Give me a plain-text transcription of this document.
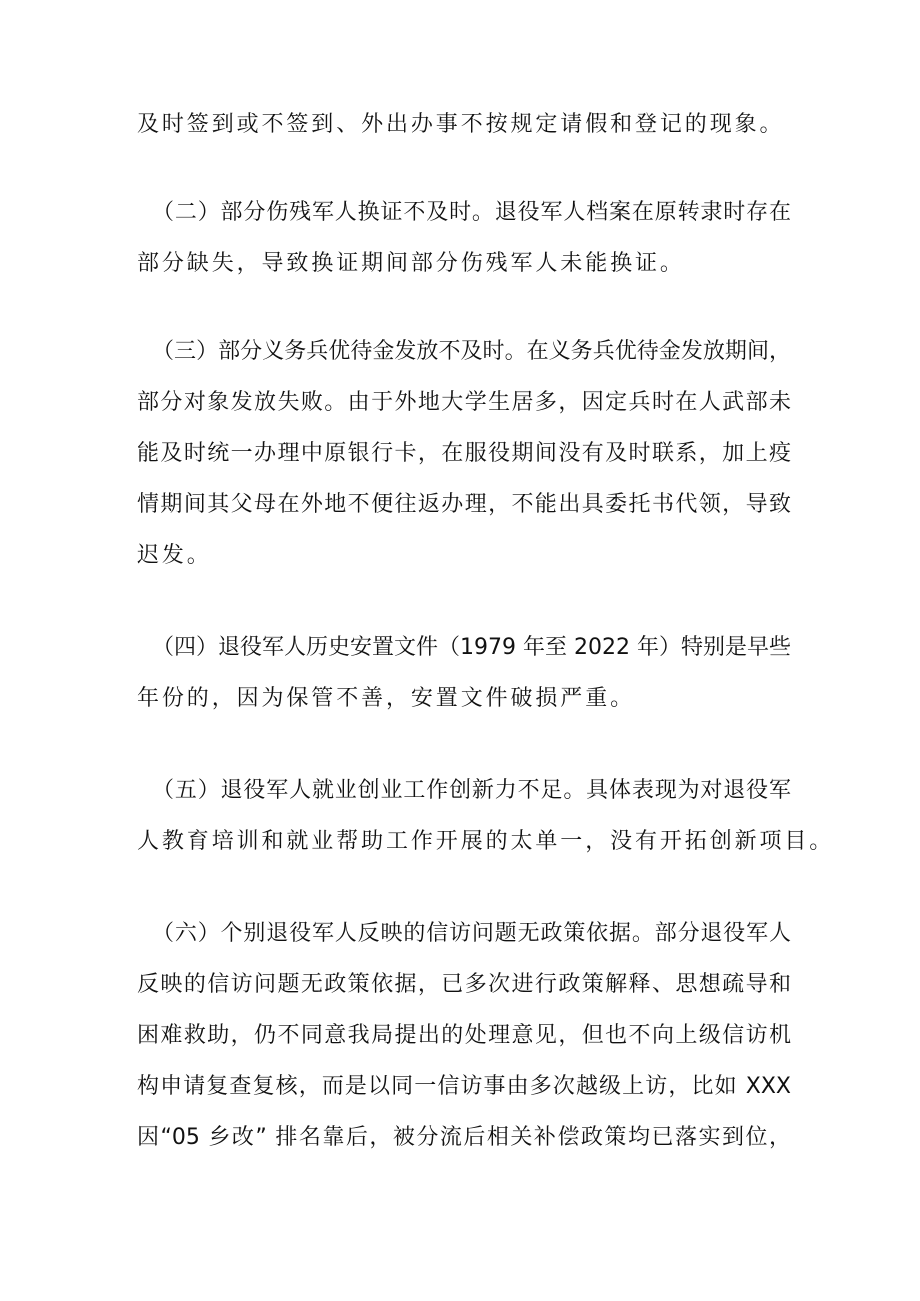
及时签到或不签到、外出办事不按规定请假和登记的现象。
（二）部分伤残军人换证不及时。退役军人档案在原转隶时存在
部分缺失，导致换证期间部分伤残军人未能换证。
（三）部分义务兵优待金发放不及时。在义务兵优待金发放期间，
部分对象发放失败。由于外地大学生居多，因定兵时在人武部未
能及时统一办理中原银行卡，在服役期间没有及时联系，加上疫
情期间其父母在外地不便往返办理，不能出具委托书代领，导致
迟发。
（四）退役军人历史安置文件（1979 年至 2022 年）特别是早些
年份的，因为保管不善，安置文件破损严重。
（五）退役军人就业创业工作创新力不足。具体表现为对退役军
人教育培训和就业帮助工作开展的太单一，没有开拓创新项目。
（六）个别退役军人反映的信访问题无政策依据。部分退役军人
反映的信访问题无政策依据，已多次进行政策解释、思想疏导和
困难救助，仍不同意我局提出的处理意见，但也不向上级信访机
构申请复查复核，而是以同一信访事由多次越级上访，比如 XXX
因“05 乡改” 排名靠后，被分流后相关补偿政策均已落实到位，
